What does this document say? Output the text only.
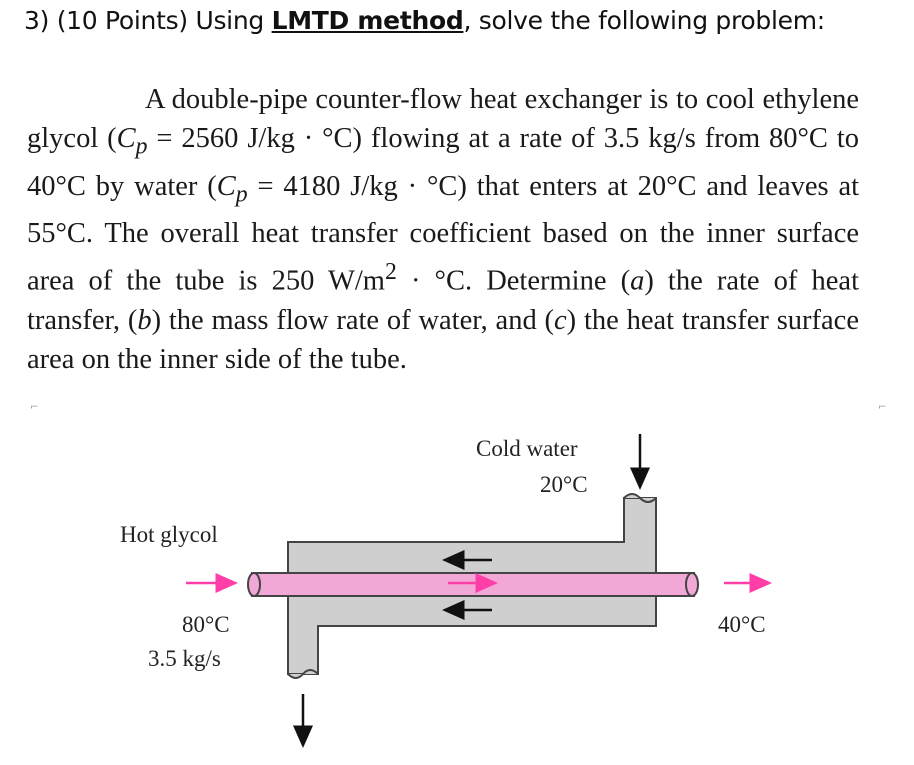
3) (10 Points) Using LMTD method, solve the following problem:

A double-pipe counter-flow heat exchanger is to cool ethylene glycol ($C_p = 2560$ J/kg · °C) flowing at a rate of 3.5 kg/s from 80°C to 40°C by water ($C_p = 4180$ J/kg · °C) that enters at 20°C and leaves at 55°C. The overall heat transfer coefficient based on the inner surface area of the tube is 250 $W/m^2 \cdot ^\circ C$. Determine (a) the rate of heat transfer, (b) the mass flow rate of water, and (c) the heat transfer surface area on the inner side of the tube.

⌐	⌐
Cold water
20°C
Hot glycol
80°C
3.5 kg/s
40°C
